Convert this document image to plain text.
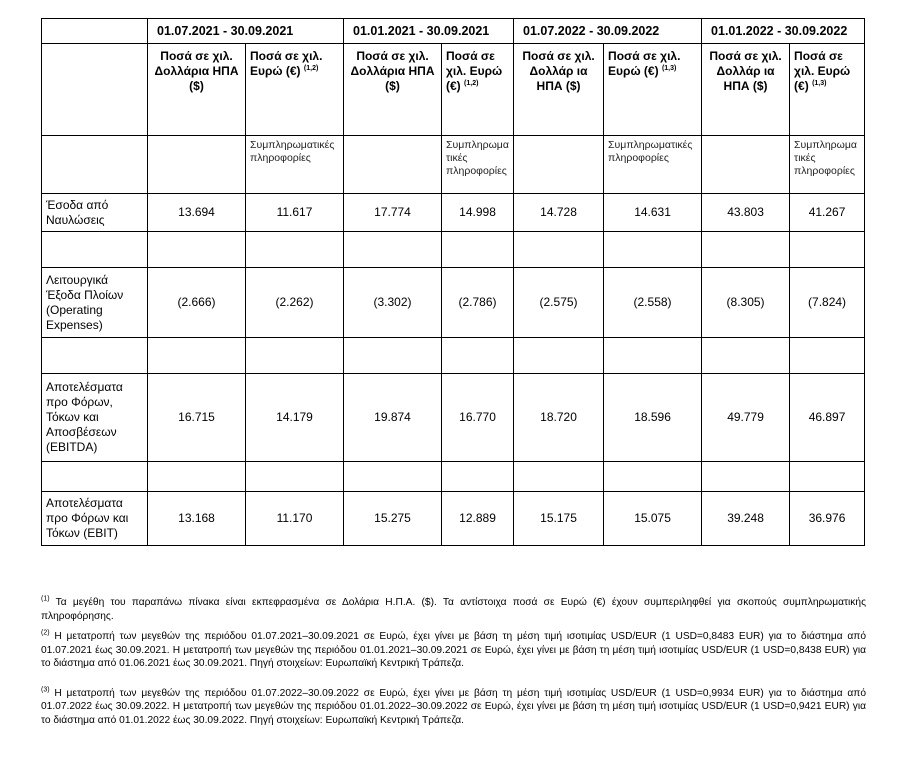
	01.07.2021 - 30.09.2021		01.01.2021 - 30.09.2021		01.07.2022 - 30.09.2022		01.01.2022 - 30.09.2022	
	Ποσά σε χιλ. Δολλάρια ΗΠΑ ($)	Ποσά σε χιλ. Ευρώ (€) $^{(1,2)}$	Ποσά σε χιλ. Δολλάρια ΗΠΑ ($)	Ποσά σε χιλ. Ευρώ (€) $^{(1,2)}$	Ποσά σε χιλ. Δολλάρ ια ΗΠΑ ($)	Ποσά σε χιλ. Ευρώ (€) $^{(1,3)}$	Ποσά σε χιλ. Δολλάρ ια ΗΠΑ ($)	Ποσά σε χιλ. Ευρώ (€) $^{(1,3)}$
		Συμπληρωματικές πληροφορίες		Συμπληρωματικές πληροφορίες		Συμπληρωματικές πληροφορίες		Συμπληρωματικές πληροφορίες
Έσοδα από Ναυλώσεις	13.694	11.617	17.774	14.998	14.728	14.631	43.803	41.267

Λειτουργικά Έξοδα Πλοίων (Operating Expenses)	(2.666)	(2.262)	(3.302)	(2.786)	(2.575)	(2.558)	(8.305)	(7.824)

Αποτελέσματα προ Φόρων, Τόκων και Αποσβέσεων (EBITDA)	16.715	14.179	19.874	16.770	18.720	18.596	49.779	46.897

Αποτελέσματα προ Φόρων και Τόκων (EBIT)	13.168	11.170	15.275	12.889	15.175	15.075	39.248	36.976

$^{(1)}$ Τα μεγέθη του παραπάνω πίνακα είναι εκπεφρασμένα σε Δολάρια Η.Π.Α. ($). Τα αντίστοιχα ποσά σε Ευρώ (€) έχουν συμπεριληφθεί για σκοπούς συμπληρωματικής πληροφόρησης.

$^{(2)}$ Η μετατροπή των μεγεθών της περιόδου 01.07.2021–30.09.2021 σε Ευρώ, έχει γίνει με βάση τη μέση τιμή ισοτιμίας USD/EUR (1 USD=0,8483 EUR) για το διάστημα από 01.07.2021 έως 30.09.2021. Η μετατροπή των μεγεθών της περιόδου 01.01.2021–30.09.2021 σε Ευρώ, έχει γίνει με βάση τη μέση τιμή ισοτιμίας USD/EUR (1 USD=0,8438 EUR) για το διάστημα από 01.06.2021 έως 30.09.2021. Πηγή στοιχείων: Ευρωπαϊκή Κεντρική Τράπεζα.

$^{(3)}$ Η μετατροπή των μεγεθών της περιόδου 01.07.2022–30.09.2022 σε Ευρώ, έχει γίνει με βάση τη μέση τιμή ισοτιμίας USD/EUR (1 USD=0,9934 EUR) για το διάστημα από 01.07.2022 έως 30.09.2022. Η μετατροπή των μεγεθών της περιόδου 01.01.2022–30.09.2022 σε Ευρώ, έχει γίνει με βάση τη μέση τιμή ισοτιμίας USD/EUR (1 USD=0,9421 EUR) για το διάστημα από 01.01.2022 έως 30.09.2022. Πηγή στοιχείων: Ευρωπαϊκή Κεντρική Τράπεζα.
